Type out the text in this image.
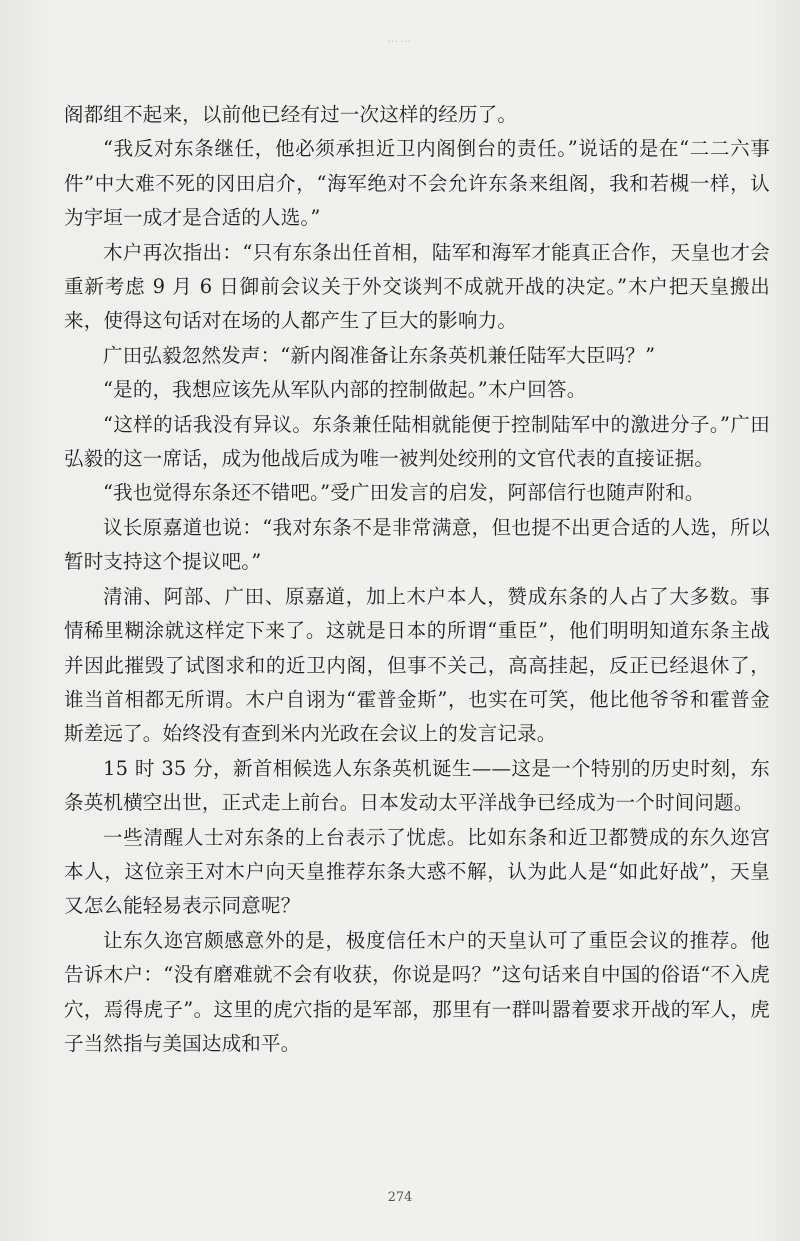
……

阁都组不起来，以前他已经有过一次这样的经历了。

“我反对东条继任，他必须承担近卫内阁倒台的责任。”说话的是在“二二六事件”中大难不死的冈田启介，“海军绝对不会允许东条来组阁，我和若槻一样，认为宇垣一成才是合适的人选。”

木户再次指出：“只有东条出任首相，陆军和海军才能真正合作，天皇也才会重新考虑 9 月 6 日御前会议关于外交谈判不成就开战的决定。”木户把天皇搬出来，使得这句话对在场的人都产生了巨大的影响力。

广田弘毅忽然发声：“新内阁准备让东条英机兼任陆军大臣吗？”

“是的，我想应该先从军队内部的控制做起。”木户回答。

“这样的话我没有异议。东条兼任陆相就能便于控制陆军中的激进分子。”广田弘毅的这一席话，成为他战后成为唯一被判处绞刑的文官代表的直接证据。

“我也觉得东条还不错吧。”受广田发言的启发，阿部信行也随声附和。

议长原嘉道也说：“我对东条不是非常满意，但也提不出更合适的人选，所以暂时支持这个提议吧。”

清浦、阿部、广田、原嘉道，加上木户本人，赞成东条的人占了大多数。事情稀里糊涂就这样定下来了。这就是日本的所谓“重臣”，他们明明知道东条主战并因此摧毁了试图求和的近卫内阁，但事不关己，高高挂起，反正已经退休了，谁当首相都无所谓。木户自诩为“霍普金斯”，也实在可笑，他比他爷爷和霍普金斯差远了。始终没有查到米内光政在会议上的发言记录。

15 时 35 分，新首相候选人东条英机诞生——这是一个特别的历史时刻，东条英机横空出世，正式走上前台。日本发动太平洋战争已经成为一个时间问题。

一些清醒人士对东条的上台表示了忧虑。比如东条和近卫都赞成的东久迩宫本人，这位亲王对木户向天皇推荐东条大惑不解，认为此人是“如此好战”，天皇又怎么能轻易表示同意呢？

让东久迩宫颇感意外的是，极度信任木户的天皇认可了重臣会议的推荐。他告诉木户：“没有磨难就不会有收获，你说是吗？”这句话来自中国的俗语“不入虎穴，焉得虎子”。这里的虎穴指的是军部，那里有一群叫嚣着要求开战的军人，虎子当然指与美国达成和平。

274
